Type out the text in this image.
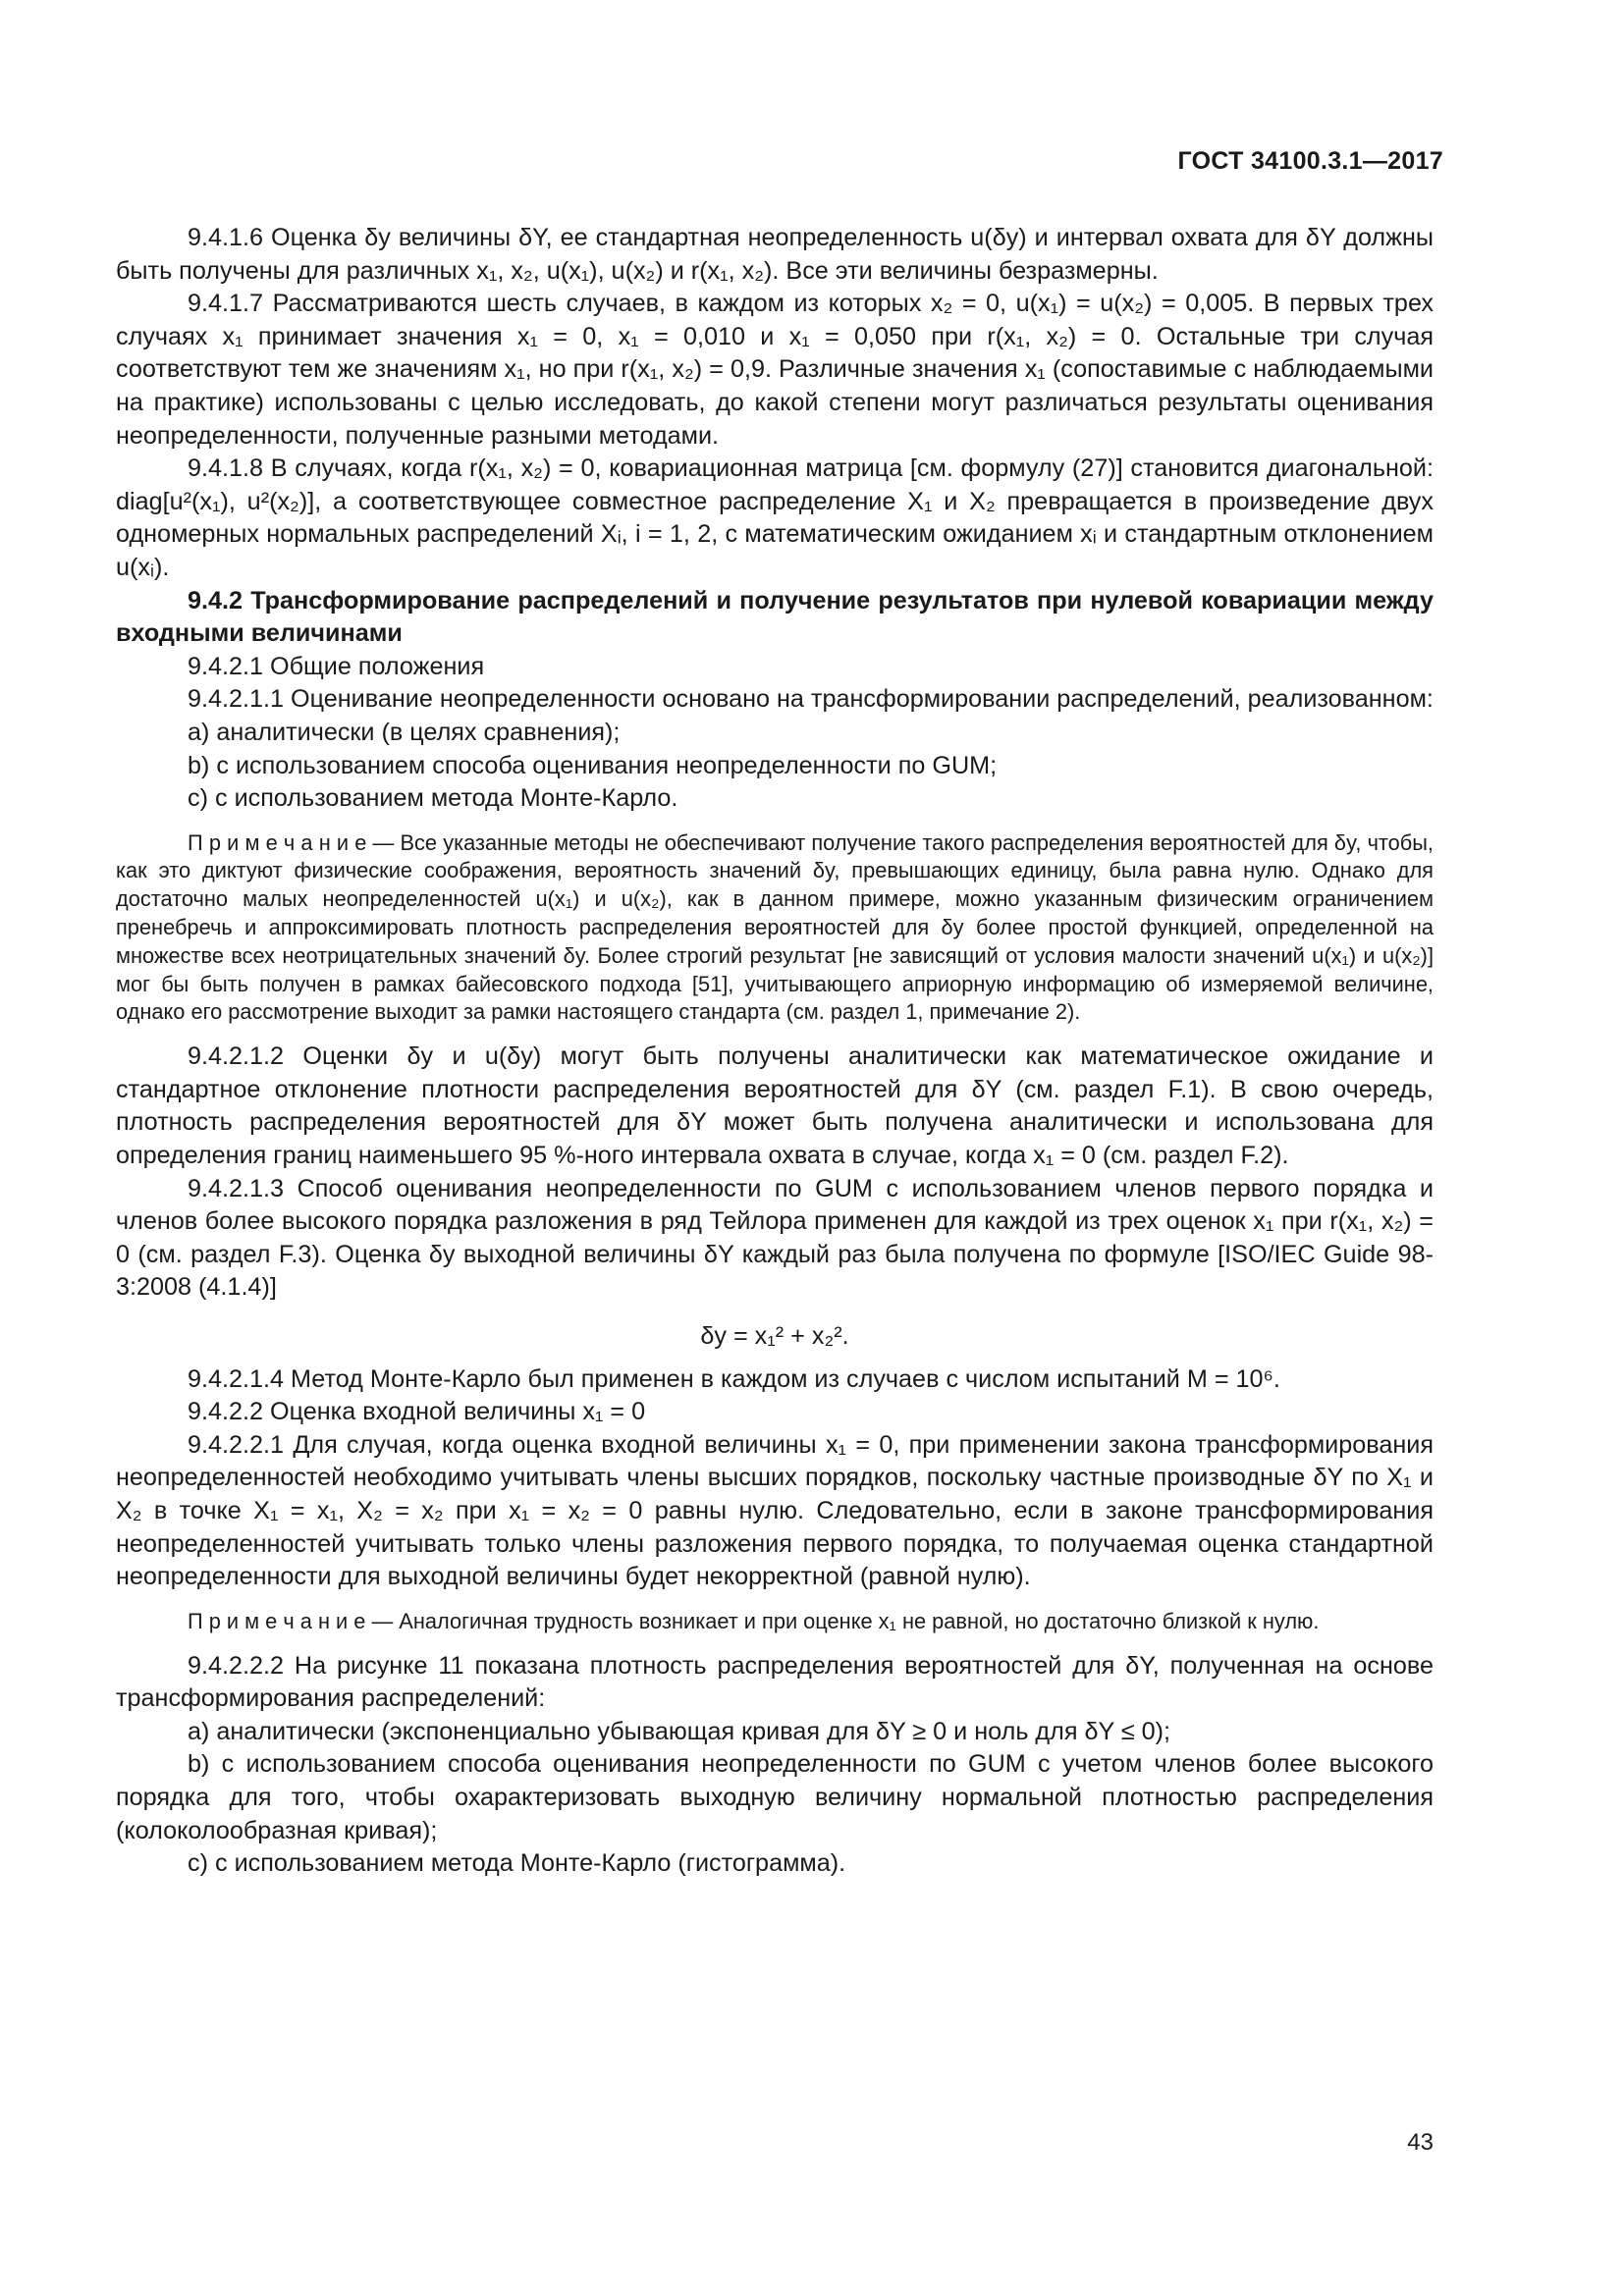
ГОСТ 34100.3.1—2017

9.4.1.6 Оценка δy величины δY, ее стандартная неопределенность u(δy) и интервал охвата для δY должны быть получены для различных x₁, x₂, u(x₁), u(x₂) и r(x₁, x₂). Все эти величины безразмерны.

9.4.1.7 Рассматриваются шесть случаев, в каждом из которых x₂ = 0, u(x₁) = u(x₂) = 0,005. В первых трех случаях x₁ принимает значения x₁ = 0, x₁ = 0,010 и x₁ = 0,050 при r(x₁, x₂) = 0. Остальные три случая соответствуют тем же значениям x₁, но при r(x₁, x₂) = 0,9. Различные значения x₁ (сопоставимые с наблюдаемыми на практике) использованы с целью исследовать, до какой степени могут различаться результаты оценивания неопределенности, полученные разными методами.

9.4.1.8 В случаях, когда r(x₁, x₂) = 0, ковариационная матрица [см. формулу (27)] становится диагональной: diag[u²(x₁), u²(x₂)], а соответствующее совместное распределение X₁ и X₂ превращается в произведение двух одномерных нормальных распределений Xᵢ, i = 1, 2, с математическим ожиданием xᵢ и стандартным отклонением u(xᵢ).

9.4.2 Трансформирование распределений и получение результатов при нулевой ковариации между входными величинами

9.4.2.1 Общие положения

9.4.2.1.1 Оценивание неопределенности основано на трансформировании распределений, реализованном:

a) аналитически (в целях сравнения);

b) с использованием способа оценивания неопределенности по GUM;

c) с использованием метода Монте-Карло.

П р и м е ч а н и е — Все указанные методы не обеспечивают получение такого распределения вероятностей для δy, чтобы, как это диктуют физические соображения, вероятность значений δy, превышающих единицу, была равна нулю. Однако для достаточно малых неопределенностей u(x₁) и u(x₂), как в данном примере, можно указанным физическим ограничением пренебречь и аппроксимировать плотность распределения вероятностей для δy более простой функцией, определенной на множестве всех неотрицательных значений δy. Более строгий результат [не зависящий от условия малости значений u(x₁) и u(x₂)] мог бы быть получен в рамках байесовского подхода [51], учитывающего априорную информацию об измеряемой величине, однако его рассмотрение выходит за рамки настоящего стандарта (см. раздел 1, примечание 2).

9.4.2.1.2 Оценки δy и u(δy) могут быть получены аналитически как математическое ожидание и стандартное отклонение плотности распределения вероятностей для δY (см. раздел F.1). В свою очередь, плотность распределения вероятностей для δY может быть получена аналитически и использована для определения границ наименьшего 95 %-ного интервала охвата в случае, когда x₁ = 0 (см. раздел F.2).

9.4.2.1.3 Способ оценивания неопределенности по GUM с использованием членов первого порядка и членов более высокого порядка разложения в ряд Тейлора применен для каждой из трех оценок x₁ при r(x₁, x₂) = 0 (см. раздел F.3). Оценка δy выходной величины δY каждый раз была получена по формуле [ISO/IEC Guide 98-3:2008 (4.1.4)]

δy = x₁² + x₂².

9.4.2.1.4 Метод Монте-Карло был применен в каждом из случаев с числом испытаний M = 10⁶.

9.4.2.2 Оценка входной величины x₁ = 0

9.4.2.2.1 Для случая, когда оценка входной величины x₁ = 0, при применении закона трансформирования неопределенностей необходимо учитывать члены высших порядков, поскольку частные производные δY по X₁ и X₂ в точке X₁ = x₁, X₂ = x₂ при x₁ = x₂ = 0 равны нулю. Следовательно, если в законе трансформирования неопределенностей учитывать только члены разложения первого порядка, то получаемая оценка стандартной неопределенности для выходной величины будет некорректной (равной нулю).

П р и м е ч а н и е — Аналогичная трудность возникает и при оценке x₁ не равной, но достаточно близкой к нулю.

9.4.2.2.2 На рисунке 11 показана плотность распределения вероятностей для δY, полученная на основе трансформирования распределений:

a) аналитически (экспоненциально убывающая кривая для δY ≥ 0 и ноль для δY ≤ 0);

b) с использованием способа оценивания неопределенности по GUM с учетом членов более высокого порядка для того, чтобы охарактеризовать выходную величину нормальной плотностью распределения (колоколообразная кривая);

c) с использованием метода Монте-Карло (гистограмма).

43
